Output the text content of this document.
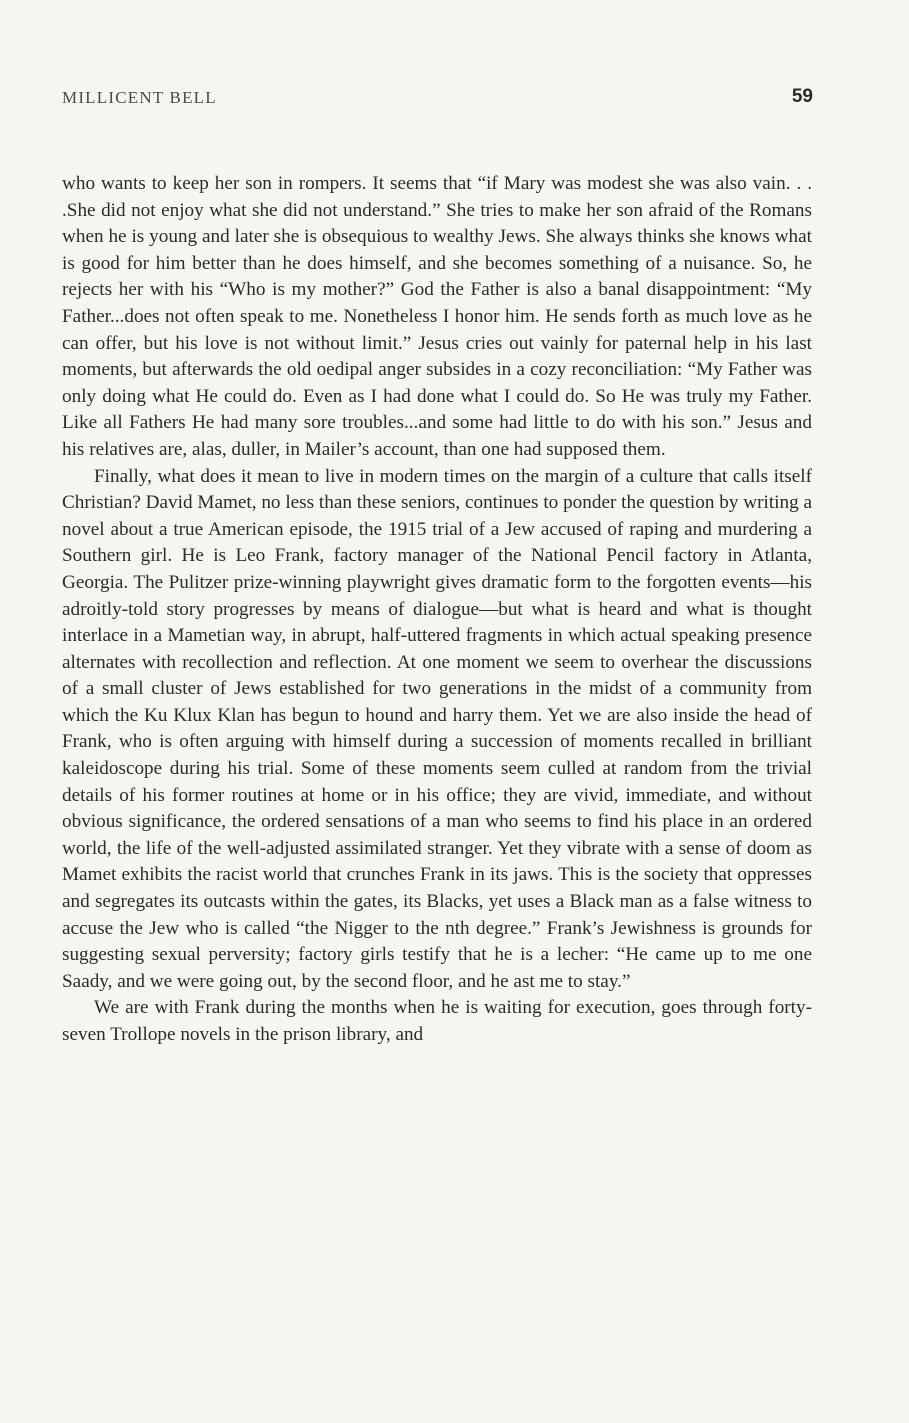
MILLICENT BELL	59

who wants to keep her son in rompers. It seems that “if Mary was modest she was also vain. . . .She did not enjoy what she did not understand.” She tries to make her son afraid of the Romans when he is young and later she is obsequious to wealthy Jews. She always thinks she knows what is good for him better than he does himself, and she becomes something of a nuisance. So, he rejects her with his “Who is my mother?” God the Father is also a banal disappointment: “My Father...does not often speak to me. Nonetheless I honor him. He sends forth as much love as he can offer, but his love is not without limit.” Jesus cries out vainly for paternal help in his last moments, but afterwards the old oedipal anger subsides in a cozy reconciliation: “My Father was only doing what He could do. Even as I had done what I could do. So He was truly my Father. Like all Fathers He had many sore troubles...and some had little to do with his son.” Jesus and his relatives are, alas, duller, in Mailer’s account, than one had supposed them.

Finally, what does it mean to live in modern times on the margin of a culture that calls itself Christian? David Mamet, no less than these seniors, continues to ponder the question by writing a novel about a true American episode, the 1915 trial of a Jew accused of raping and murdering a Southern girl. He is Leo Frank, factory manager of the National Pencil factory in Atlanta, Georgia. The Pulitzer prize-winning playwright gives dramatic form to the forgotten events—his adroitly-told story progresses by means of dialogue—but what is heard and what is thought interlace in a Mametian way, in abrupt, half-uttered fragments in which actual speaking presence alternates with recollection and reflection. At one moment we seem to overhear the discussions of a small cluster of Jews established for two generations in the midst of a community from which the Ku Klux Klan has begun to hound and harry them. Yet we are also inside the head of Frank, who is often arguing with himself during a succession of moments recalled in brilliant kaleidoscope during his trial. Some of these moments seem culled at random from the trivial details of his former routines at home or in his office; they are vivid, immediate, and without obvious significance, the ordered sensations of a man who seems to find his place in an ordered world, the life of the well-adjusted assimilated stranger. Yet they vibrate with a sense of doom as Mamet exhibits the racist world that crunches Frank in its jaws. This is the society that oppresses and segregates its outcasts within the gates, its Blacks, yet uses a Black man as a false witness to accuse the Jew who is called “the Nigger to the nth degree.” Frank’s Jewishness is grounds for suggesting sexual perversity; factory girls testify that he is a lecher: “He came up to me one Saady, and we were going out, by the second floor, and he ast me to stay.”

We are with Frank during the months when he is waiting for execution, goes through forty-seven Trollope novels in the prison library, and
